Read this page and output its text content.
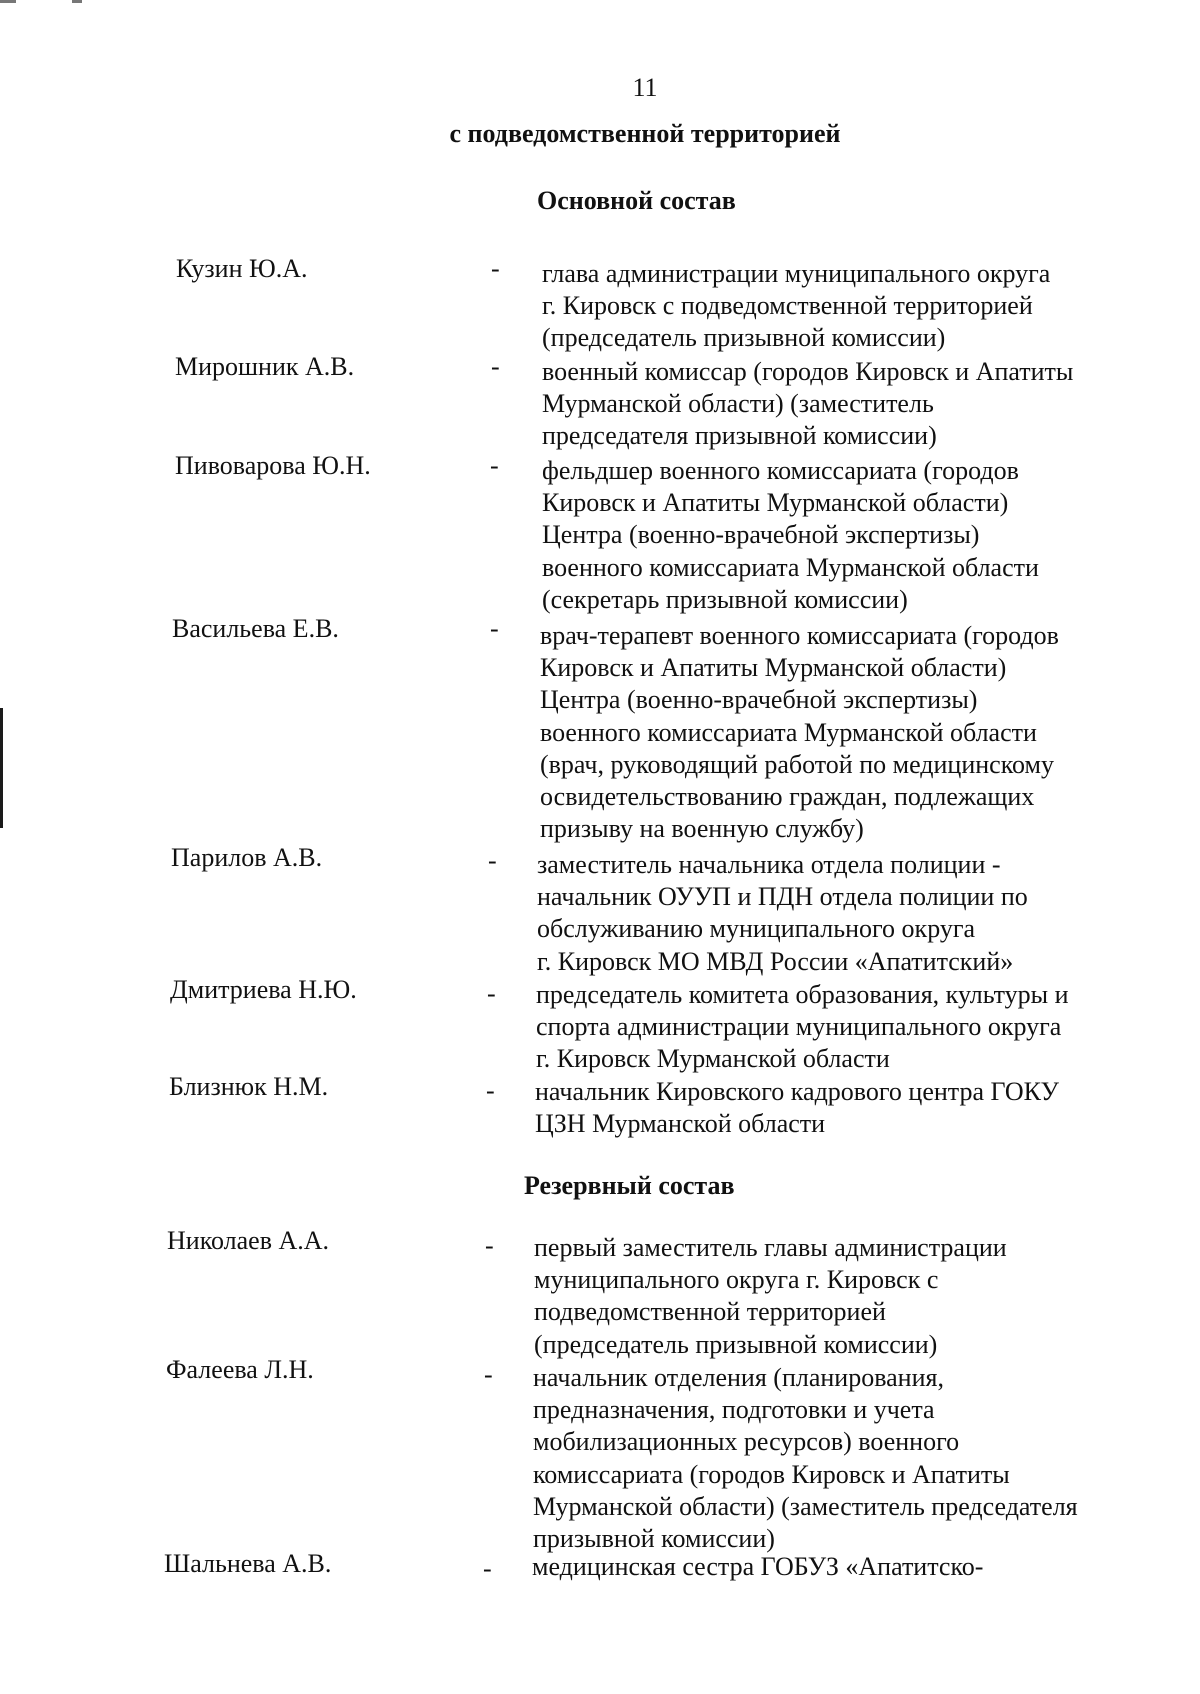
11
с подведомственной территорией
Основной состав
Кузин Ю.А.	- глава администрации муниципального округа
г. Кировск с подведомственной территорией
(председатель призывной комиссии)
Мирошник А.В.	- военный комиссар (городов Кировск и Апатиты
Мурманской области) (заместитель
председателя призывной комиссии)
Пивоварова Ю.Н.	- фельдшер военного комиссариата (городов
Кировск и Апатиты Мурманской области)
Центра (военно-врачебной экспертизы)
военного комиссариата Мурманской области
(секретарь призывной комиссии)
Васильева Е.В.	- врач-терапевт военного комиссариата (городов
Кировск и Апатиты Мурманской области)
Центра (военно-врачебной экспертизы)
военного комиссариата Мурманской области
(врач, руководящий работой по медицинскому
освидетельствованию граждан, подлежащих
призыву на военную службу)
Парилов А.В.	- заместитель начальника отдела полиции -
начальник ОУУП и ПДН отдела полиции по
обслуживанию муниципального округа
г. Кировск МО МВД России «Апатитский»
Дмитриева Н.Ю.	- председатель комитета образования, культуры и
спорта администрации муниципального округа
г. Кировск Мурманской области
Близнюк Н.М.	- начальник Кировского кадрового центра ГОКУ
ЦЗН Мурманской области
Резервный состав
Николаев А.А.	- первый заместитель главы администрации
муниципального округа г. Кировск с
подведомственной территорией
(председатель призывной комиссии)
Фалеева Л.Н.	- начальник отделения (планирования,
предназначения, подготовки и учета
мобилизационных ресурсов) военного
комиссариата (городов Кировск и Апатиты
Мурманской области) (заместитель председателя
призывной комиссии)
Шальнева А.В.	- медицинская сестра ГОБУЗ «Апатитско-
